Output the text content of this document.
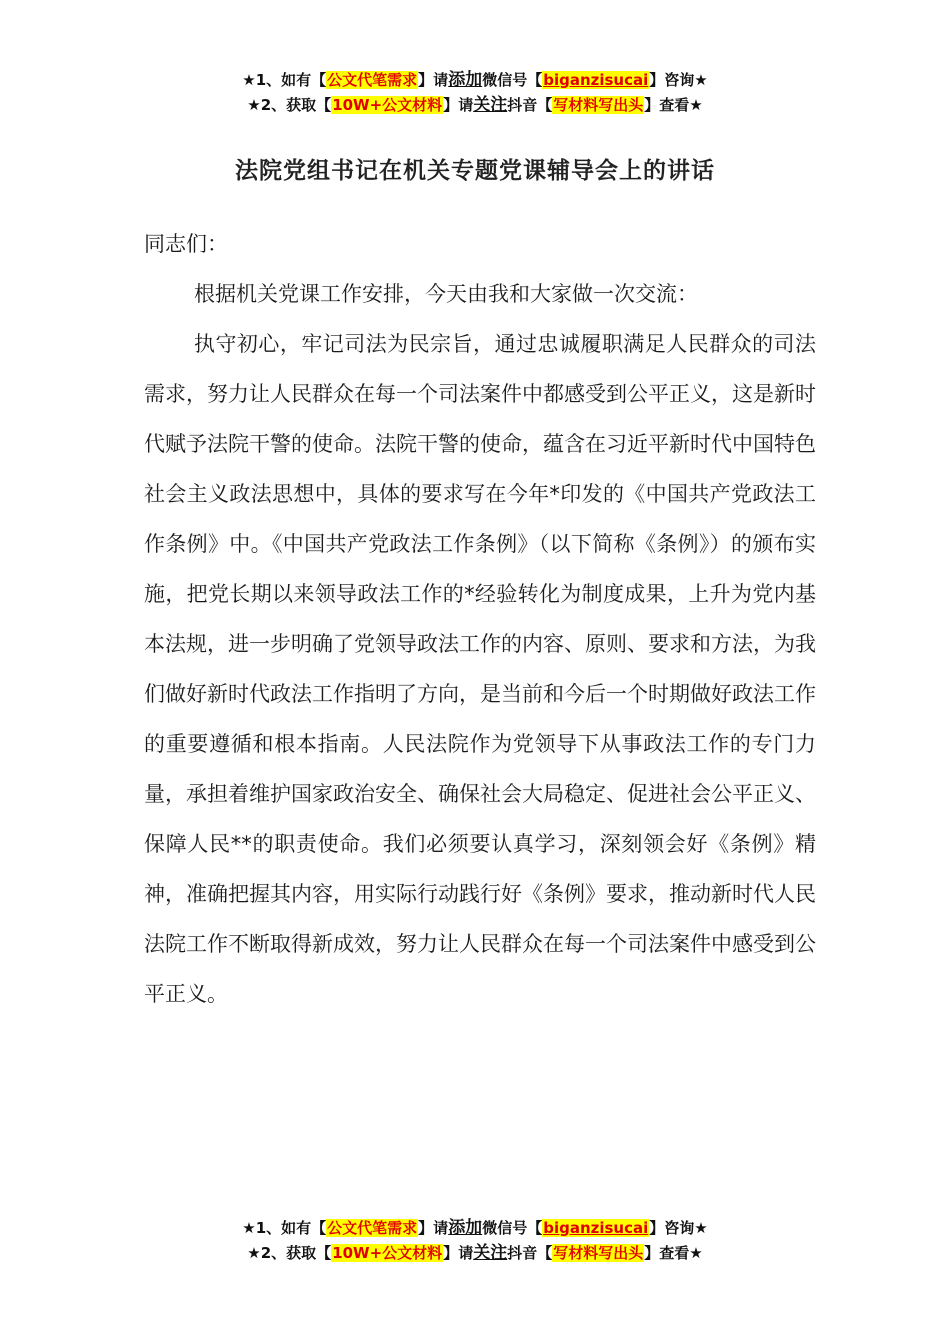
★1、如有【公文代笔需求】请添加微信号【biganzisucai】咨询★
★2、获取【10W+公文材料】请关注抖音【写材料写出头】查看★
法院党组书记在机关专题党课辅导会上的讲话

同志们：

根据机关党课工作安排，今天由我和大家做一次交流：

执守初心，牢记司法为民宗旨，通过忠诚履职满足人民群众的司法需求，努力让人民群众在每一个司法案件中都感受到公平正义，这是新时代赋予法院干警的使命。法院干警的使命，蕴含在习近平新时代中国特色社会主义政法思想中，具体的要求写在今年*印发的《中国共产党政法工作条例》中。《中国共产党政法工作条例》（以下简称《条例》）的颁布实施，把党长期以来领导政法工作的*经验转化为制度成果，上升为党内基本法规，进一步明确了党领导政法工作的内容、原则、要求和方法，为我们做好新时代政法工作指明了方向，是当前和今后一个时期做好政法工作的重要遵循和根本指南。人民法院作为党领导下从事政法工作的专门力量，承担着维护国家政治安全、确保社会大局稳定、促进社会公平正义、保障人民**的职责使命。我们必须要认真学习，深刻领会好《条例》精神，准确把握其内容，用实际行动践行好《条例》要求，推动新时代人民法院工作不断取得新成效，努力让人民群众在每一个司法案件中感受到公平正义。

★1、如有【公文代笔需求】请添加微信号【biganzisucai】咨询★
★2、获取【10W+公文材料】请关注抖音【写材料写出头】查看★
